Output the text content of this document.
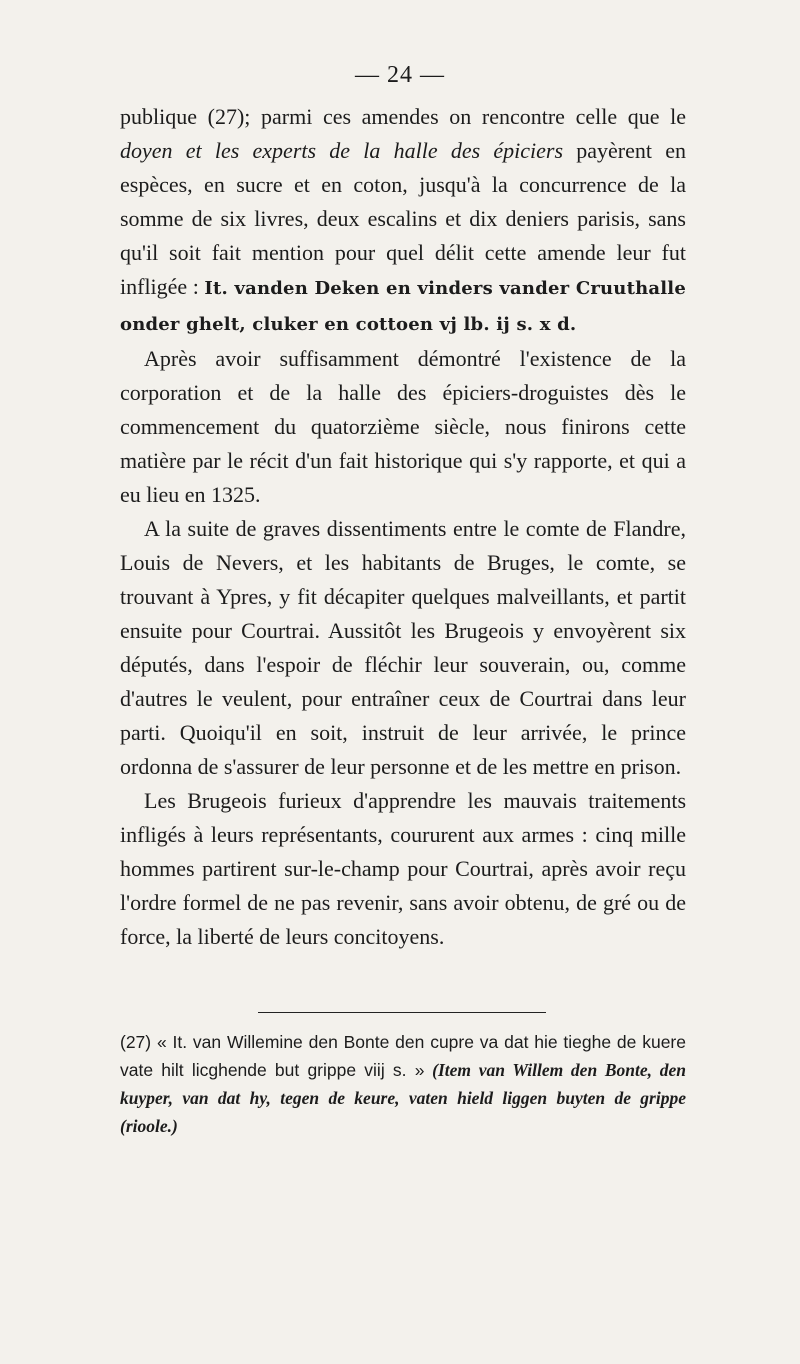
— 24 —

publique (27); parmi ces amendes on rencontre celle que le doyen et les experts de la halle des épiciers payèrent en espèces, en sucre et en coton, jusqu'à la concurrence de la somme de six livres, deux escalins et dix deniers parisis, sans qu'il soit fait mention pour quel délit cette amende leur fut infligée : It. vanden Deken en vinders vander Cruuthalle onder ghelt, cluker en cottoen vj lb. ij s. x d.

Après avoir suffisamment démontré l'existence de la corporation et de la halle des épiciers-droguistes dès le commencement du quatorzième siècle, nous finirons cette matière par le récit d'un fait historique qui s'y rapporte, et qui a eu lieu en 1325.

A la suite de graves dissentiments entre le comte de Flandre, Louis de Nevers, et les habitants de Bruges, le comte, se trouvant à Ypres, y fit décapiter quelques malveillants, et partit ensuite pour Courtrai. Aussitôt les Brugeois y envoyèrent six députés, dans l'espoir de fléchir leur souverain, ou, comme d'autres le veulent, pour entraîner ceux de Courtrai dans leur parti. Quoiqu'il en soit, instruit de leur arrivée, le prince ordonna de s'assurer de leur personne et de les mettre en prison.

Les Brugeois furieux d'apprendre les mauvais traitements infligés à leurs représentants, coururent aux armes : cinq mille hommes partirent sur-le-champ pour Courtrai, après avoir reçu l'ordre formel de ne pas revenir, sans avoir obtenu, de gré ou de force, la liberté de leurs concitoyens.

(27) « It. van Willemine den Bonte den cupre va dat hie tieghe de kuere vate hilt licghende but grippe viij s. » (Item van Willem den Bonte, den kuyper, van dat hy, tegen de keure, vaten hield liggen buyten de grippe (rioole.)
